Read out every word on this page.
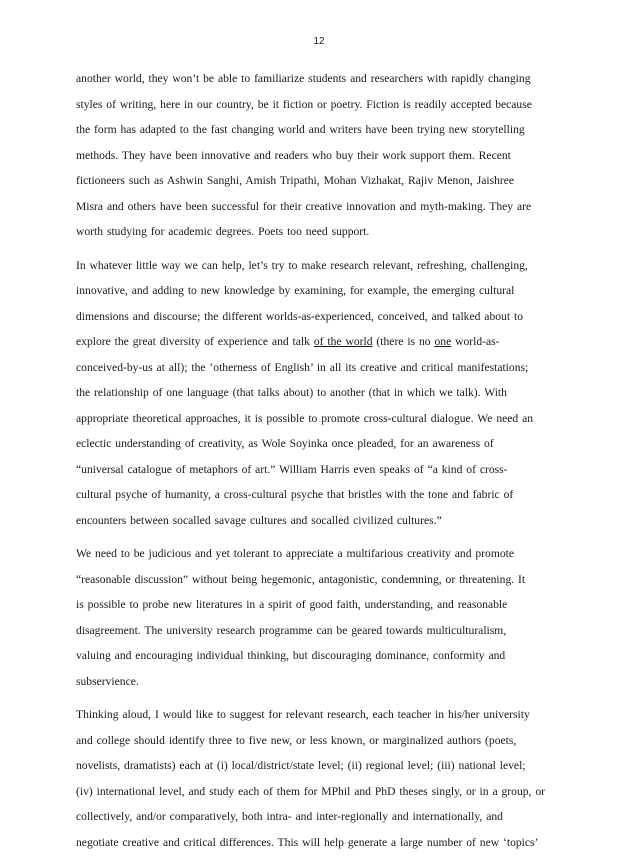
12
another world, they won’t be able to familiarize students and researchers with rapidly changing
styles of writing, here in our country, be it fiction or poetry. Fiction is readily accepted because
the form has adapted to the fast changing world and writers have been trying new storytelling
methods. They have been innovative and readers who buy their work support them. Recent
fictioneers such as Ashwin Sanghi, Amish Tripathi, Mohan Vizhakat, Rajiv Menon, Jaishree
Misra and others have been successful for their creative innovation and myth-making. They are
worth studying for academic degrees. Poets too need support.
In whatever little way we can help, let’s try to make research relevant, refreshing, challenging,
innovative, and adding to new knowledge by examining, for example, the emerging cultural
dimensions and discourse; the different worlds-as-experienced, conceived, and talked about to
explore the great diversity of experience and talk of the world (there is no one world-as-
conceived-by-us at all); the ‘otherness of English’ in all its creative and critical manifestations;
the relationship of one language (that talks about) to another (that in which we talk). With
appropriate theoretical approaches, it is possible to promote cross-cultural dialogue. We need an
eclectic understanding of creativity, as Wole Soyinka once pleaded, for an awareness of
“universal catalogue of metaphors of art.” William Harris even speaks of “a kind of cross-
cultural psyche of humanity, a cross-cultural psyche that bristles with the tone and fabric of
encounters between socalled savage cultures and socalled civilized cultures.”
We need to be judicious and yet tolerant to appreciate a multifarious creativity and promote
“reasonable discussion” without being hegemonic, antagonistic, condemning, or threatening. It
is possible to probe new literatures in a spirit of good faith, understanding, and reasonable
disagreement. The university research programme can be geared towards multiculturalism,
valuing and encouraging individual thinking, but discouraging dominance, conformity and
subservience.
Thinking aloud, I would like to suggest for relevant research, each teacher in his/her university
and college should identify three to five new, or less known, or marginalized authors (poets,
novelists, dramatists) each at (i) local/district/state level; (ii) regional level; (iii) national level;
(iv) international level, and study each of them for MPhil and PhD theses singly, or in a group, or
collectively, and/or comparatively, both intra- and inter-regionally and internationally, and
negotiate creative and critical differences. This will help generate a large number of new ‘topics’
